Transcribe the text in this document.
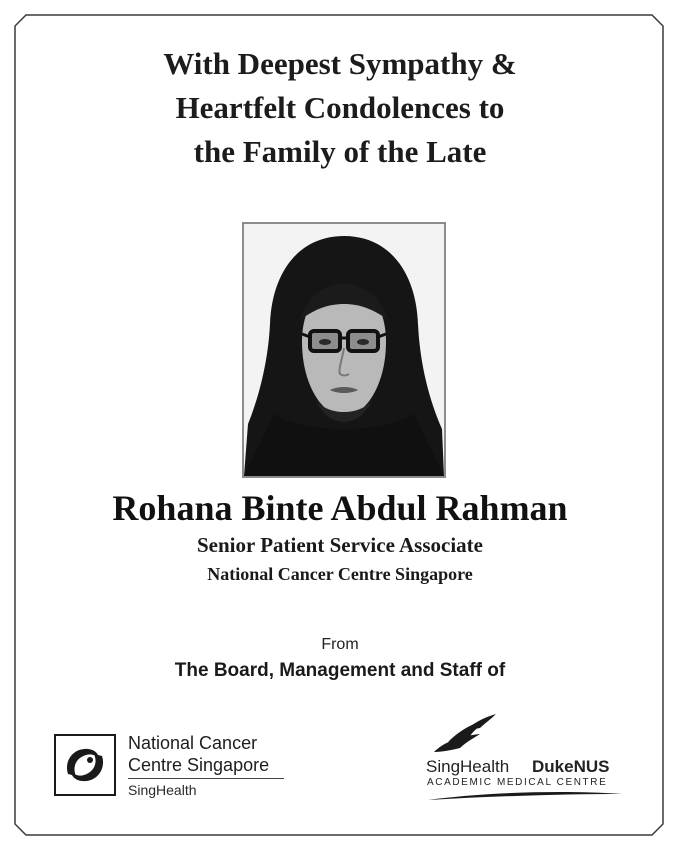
With Deepest Sympathy &
Heartfelt Condolences to
the Family of the Late
Rohana Binte Abdul Rahman
Senior Patient Service Associate
National Cancer Centre Singapore
From
The Board, Management and Staff of
National Cancer
Centre Singapore
SingHealth
SingHealth DukeNUS
ACADEMIC MEDICAL CENTRE
